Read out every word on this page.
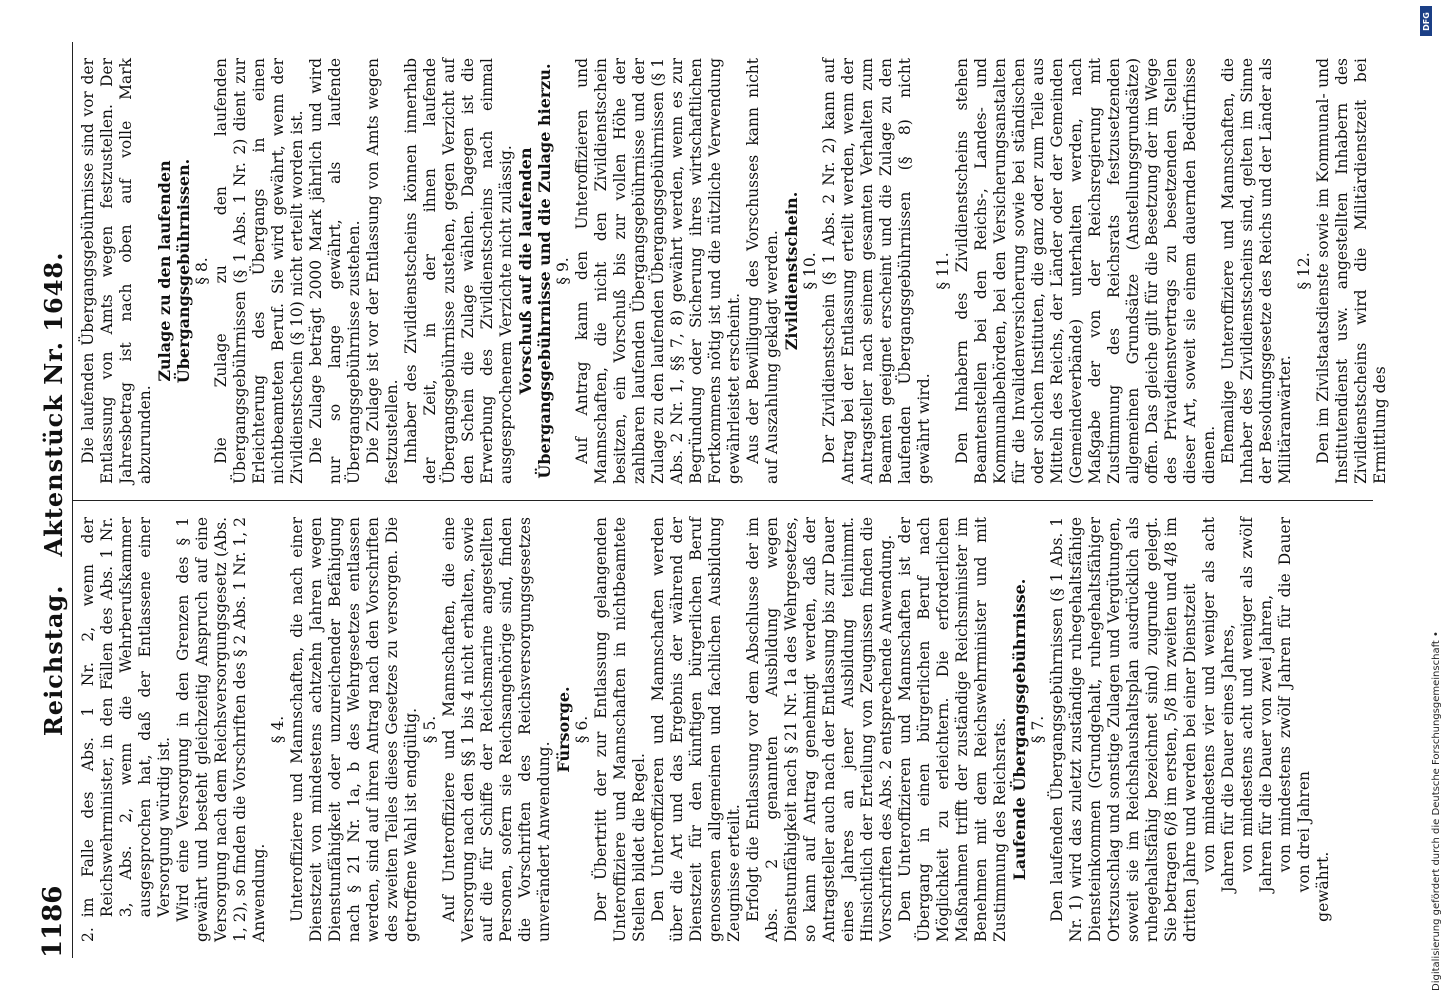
1186
Reichstag.Aktenstück Nr. 1648.

2.
im Falle des Abs. 1 Nr. 2, wenn der Reichswehrminister, in den Fällen des Abs. 1 Nr. 3, Abs. 2, wenn die Wehrberufskammer ausgesprochen hat, daß der Entlassene einer Versorgung würdig ist. Wird eine Versorgung in den Grenzen des § 1 gewährt und besteht gleichzeitig Anspruch auf eine Versorgung nach dem Reichsversorgungsgesetz (Abs. 1, 2), so finden die Vorschriften des § 2 Abs. 1 Nr. 1, 2 Anwendung.

§ 4. Unteroffiziere und Mannschaften, die nach einer Dienstzeit von mindestens achtzehn Jahren wegen Dienstunfähigkeit oder unzureichender Befähigung nach § 21 Nr. 1a, b des Wehrgesetzes entlassen werden, sind auf ihren Antrag nach den Vorschriften des zweiten Teiles dieses Gesetzes zu versorgen. Die getroffene Wahl ist endgültig. § 5. Auf Unteroffiziere und Mannschaften, die eine Versorgung nach den §§ 1 bis 4 nicht erhalten, sowie auf die für Schiffe der Reichsmarine angestellten Personen, sofern sie Reichsangehörige sind, finden die Vorschriften des Reichsversorgungsgesetzes unverändert Anwendung.

Fürsorge. § 6. Der Übertritt der zur Entlassung gelangenden Unteroffiziere und Mannschaften in nichtbeamtete Stellen bildet die Regel. Den Unteroffizieren und Mannschaften werden über die Art und das Ergebnis der während der Dienstzeit für den künftigen bürgerlichen Beruf genossenen allgemeinen und fachlichen Ausbildung Zeugnisse erteilt. Erfolgt die Entlassung vor dem Abschlusse der im Abs. 2 genannten Ausbildung wegen Dienstunfähigkeit nach § 21 Nr. 1a des Wehrgesetzes, so kann auf Antrag genehmigt werden, daß der Antragsteller auch nach der Entlassung bis zur Dauer eines Jahres an jener Ausbildung teilnimmt. Hinsichtlich der Erteilung von Zeugnissen finden die Vorschriften des Abs. 2 entsprechende Anwendung. Den Unteroffizieren und Mannschaften ist der Übergang in einen bürgerlichen Beruf nach Möglichkeit zu erleichtern. Die erforderlichen Maßnahmen trifft der zuständige Reichsminister im Benehmen mit dem Reichswehrminister und mit Zustimmung des Reichsrats. Laufende Übergangsgebührnisse. § 7. Den laufenden Übergangsgebührnissen (§ 1 Abs. 1 Nr. 1) wird das zuletzt zuständige ruhegehaltsfähige Diensteinkommen (Grundgehalt, ruhegehaltsfähiger Ortszuschlag und sonstige Zulagen und Vergütungen, soweit sie im Reichshaushaltsplan ausdrücklich als ruhegehaltsfähig bezeichnet sind) zugrunde gelegt. Sie betragen 6/8 im ersten, 5/8 im zweiten und 4/8 im dritten Jahre und werden bei einer Dienstzeit von mindestens vier und weniger als acht Jahren für die Dauer eines Jahres, von mindestens acht und weniger als zwölf Jahren für die Dauer von zwei Jahren, von mindestens zwölf Jahren für die Dauer von drei Jahren gewährt.

Die laufenden Übergangsgebührnisse sind vor der Entlassung von Amts wegen festzustellen. Der Jahresbetrag ist nach oben auf volle Mark abzurunden.

Zulage zu den laufenden Übergangsgebührnissen. § 8. Die Zulage zu den laufenden Übergangsgebührnissen (§ 1 Abs. 1 Nr. 2) dient zur Erleichterung des Übergangs in einen nichtbeamteten Beruf. Sie wird gewährt, wenn der Zivildienstschein (§ 10) nicht erteilt worden ist. Die Zulage beträgt 2000 Mark jährlich und wird nur so lange gewährt, als laufende Übergangsgebührnisse zustehen. Die Zulage ist vor der Entlassung von Amts wegen festzustellen. Inhaber des Zivildienstscheins können innerhalb der Zeit, in der ihnen laufende Übergangsgebührnisse zustehen, gegen Verzicht auf den Schein die Zulage wählen. Dagegen ist die Erwerbung des Zivildienstscheins nach einmal ausgesprochenem Verzichte nicht zulässig. Vorschuß auf die laufenden Übergangsgebührnisse und die Zulage hierzu. § 9. Auf Antrag kann den Unteroffizieren und Mannschaften, die nicht den Zivildienstschein besitzen, ein Vorschuß bis zur vollen Höhe der zahlbaren laufenden Übergangsgebührnisse und der Zulage zu den laufenden Übergangsgebührnissen (§ 1 Abs. 2 Nr. 1, §§ 7, 8) gewährt werden, wenn es zur Begründung oder Sicherung ihres wirtschaftlichen Fortkommens nötig ist und die nützliche Verwendung gewährleistet erscheint. Aus der Bewilligung des Vorschusses kann nicht auf Auszahlung geklagt werden. Zivildienstschein. § 10. Der Zivildienstschein (§ 1 Abs. 2 Nr. 2) kann auf Antrag bei der Entlassung erteilt werden, wenn der Antragsteller nach seinem gesamten Verhalten zum Beamten geeignet erscheint und die Zulage zu den laufenden Übergangsgebührnissen (§ 8) nicht gewährt wird.

§ 11. Den Inhabern des Zivildienstscheins stehen Beamtenstellen bei den Reichs-, Landes- und Kommunalbehörden, bei den Versicherungsanstalten für die Invalidenversicherung sowie bei ständischen oder solchen Instituten, die ganz oder zum Teile aus Mitteln des Reichs, der Länder oder der Gemeinden (Gemeindeverbände) unterhalten werden, nach Maßgabe der von der Reichsregierung mit Zustimmung des Reichsrats festzusetzenden allgemeinen Grundsätze (Anstellungsgrundsätze) offen. Das gleiche gilt für die Besetzung der im Wege des Privatdienstvertrags zu besetzenden Stellen dieser Art, soweit sie einem dauernden Bedürfnisse dienen. Ehemalige Unteroffiziere und Mannschaften, die Inhaber des Zivildienstscheins sind, gelten im Sinne der Besoldungsgesetze des Reichs und der Länder als Militäranwärter.

§ 12. Den im Zivilstaatsdienste sowie im Kommunal- und Institutendienst usw. angestellten Inhabern des Zivildienstscheins wird die Militärdienstzeit bei Ermittlung des

Digitalisierung gefördert durch die Deutsche Forschungsgemeinschaft •
DFG
